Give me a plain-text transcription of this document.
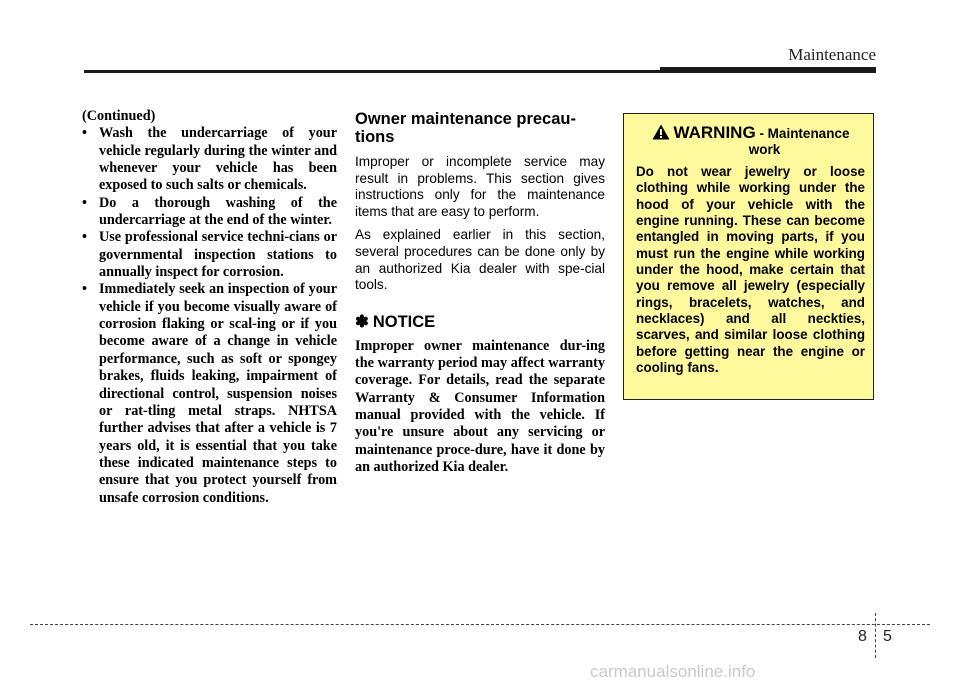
Maintenance

(Continued)

• Wash the undercarriage of your vehicle regularly during the winter and whenever your vehicle has been exposed to such salts or chemicals.
• Do a thorough washing of the undercarriage at the end of the winter.
• Use professional service techni-cians or governmental inspection stations to annually inspect for corrosion.
• Immediately seek an inspection of your vehicle if you become visually aware of corrosion flaking or scal-ing or if you become aware of a change in vehicle performance, such as soft or spongey brakes, fluids leaking, impairment of directional control, suspension noises or rat-tling metal straps. NHTSA further advises that after a vehicle is 7 years old, it is essential that you take these indicated maintenance steps to ensure that you protect yourself from unsafe corrosion conditions.
Owner maintenance precau-tions

Improper or incomplete service may result in problems. This section gives instructions only for the maintenance items that are easy to perform.

As explained earlier in this section, several procedures can be done only by an authorized Kia dealer with spe-cial tools.

✽ NOTICE

Improper owner maintenance dur-ing the warranty period may affect warranty coverage. For details, read the separate Warranty & Consumer Information manual provided with the vehicle. If you're unsure about any servicing or maintenance proce-dure, have it done by an authorized Kia dealer.

WARNING - Maintenance
work

Do not wear jewelry or loose clothing while working under the hood of your vehicle with the engine running. These can become entangled in moving parts, if you must run the engine while working under the hood, make certain that you remove all jewelry (especially rings, bracelets, watches, and necklaces) and all neckties, scarves, and similar loose clothing before getting near the engine or cooling fans.

8 5
carmanualsonline.info
